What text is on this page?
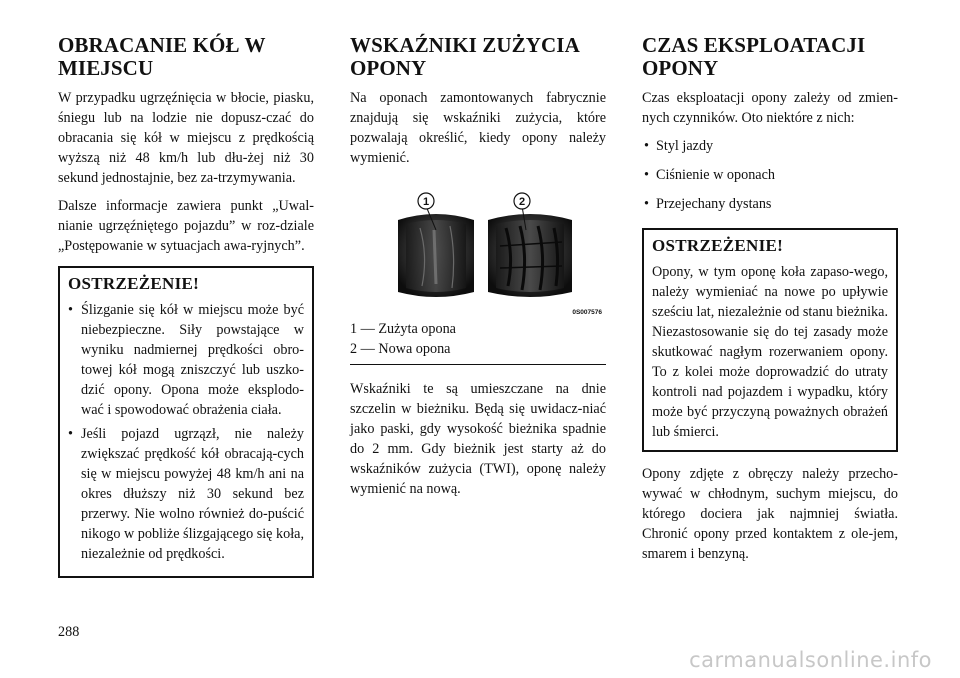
OBRACANIE KÓŁ W
MIEJSCU

W przypadku ugrzęźnięcia w błocie, piasku, śniegu lub na lodzie nie dopusz-czać do obracania się kół w miejscu z prędkością wyższą niż 48 km/h lub dłu-żej niż 30 sekund jednostajnie, bez za-trzymywania.

Dalsze informacje zawiera punkt „Uwal-nianie ugrzęźniętego pojazdu” w roz-dziale „Postępowanie w sytuacjach awa-ryjnych”.

OSTRZEŻENIE!
• Ślizganie się kół w miejscu może być niebezpieczne. Siły powstające w wyniku nadmiernej prędkości obro-towej kół mogą zniszczyć lub uszko-dzić opony. Opona może eksplodo-wać i spowodować obrażenia ciała.
• Jeśli pojazd ugrzązł, nie należy zwiększać prędkość kół obracają-cych się w miejscu powyżej 48 km/h ani na okres dłuższy niż 30 sekund bez przerwy. Nie wolno również do-puścić nikogo w pobliże ślizgającego się koła, niezależnie od prędkości.
WSKAŹNIKI ZUŻYCIA
OPONY

Na oponach zamontowanych fabrycznie znajdują się wskaźniki zużycia, które pozwalają określić, kiedy opony należy wymienić.

1	2
0S007576
1 — Zużyta opona
2 — Nowa opona

Wskaźniki te są umieszczane na dnie szczelin w bieżniku. Będą się uwidacz-niać jako paski, gdy wysokość bieżnika spadnie do 2 mm. Gdy bieżnik jest starty aż do wskaźników zużycia (TWI), oponę należy wymienić na nową.

CZAS EKSPLOATACJI
OPONY

Czas eksploatacji opony zależy od zmien-nych czynników. Oto niektóre z nich:

• Styl jazdy
• Ciśnienie w oponach
• Przejechany dystans
OSTRZEŻENIE!

Opony, w tym oponę koła zapaso-wego, należy wymieniać na nowe po upływie sześciu lat, niezależnie od stanu bieżnika. Niezastosowanie się do tej zasady może skutkować nagłym rozerwaniem opony. To z kolei może doprowadzić do utraty kontroli nad pojazdem i wypadku, który może być przyczyną poważnych obrażeń lub śmierci.

Opony zdjęte z obręczy należy przecho-wywać w chłodnym, suchym miejscu, do którego dociera jak najmniej światła. Chronić opony przed kontaktem z ole-jem, smarem i benzyną.

288
carmanualsonline.info
